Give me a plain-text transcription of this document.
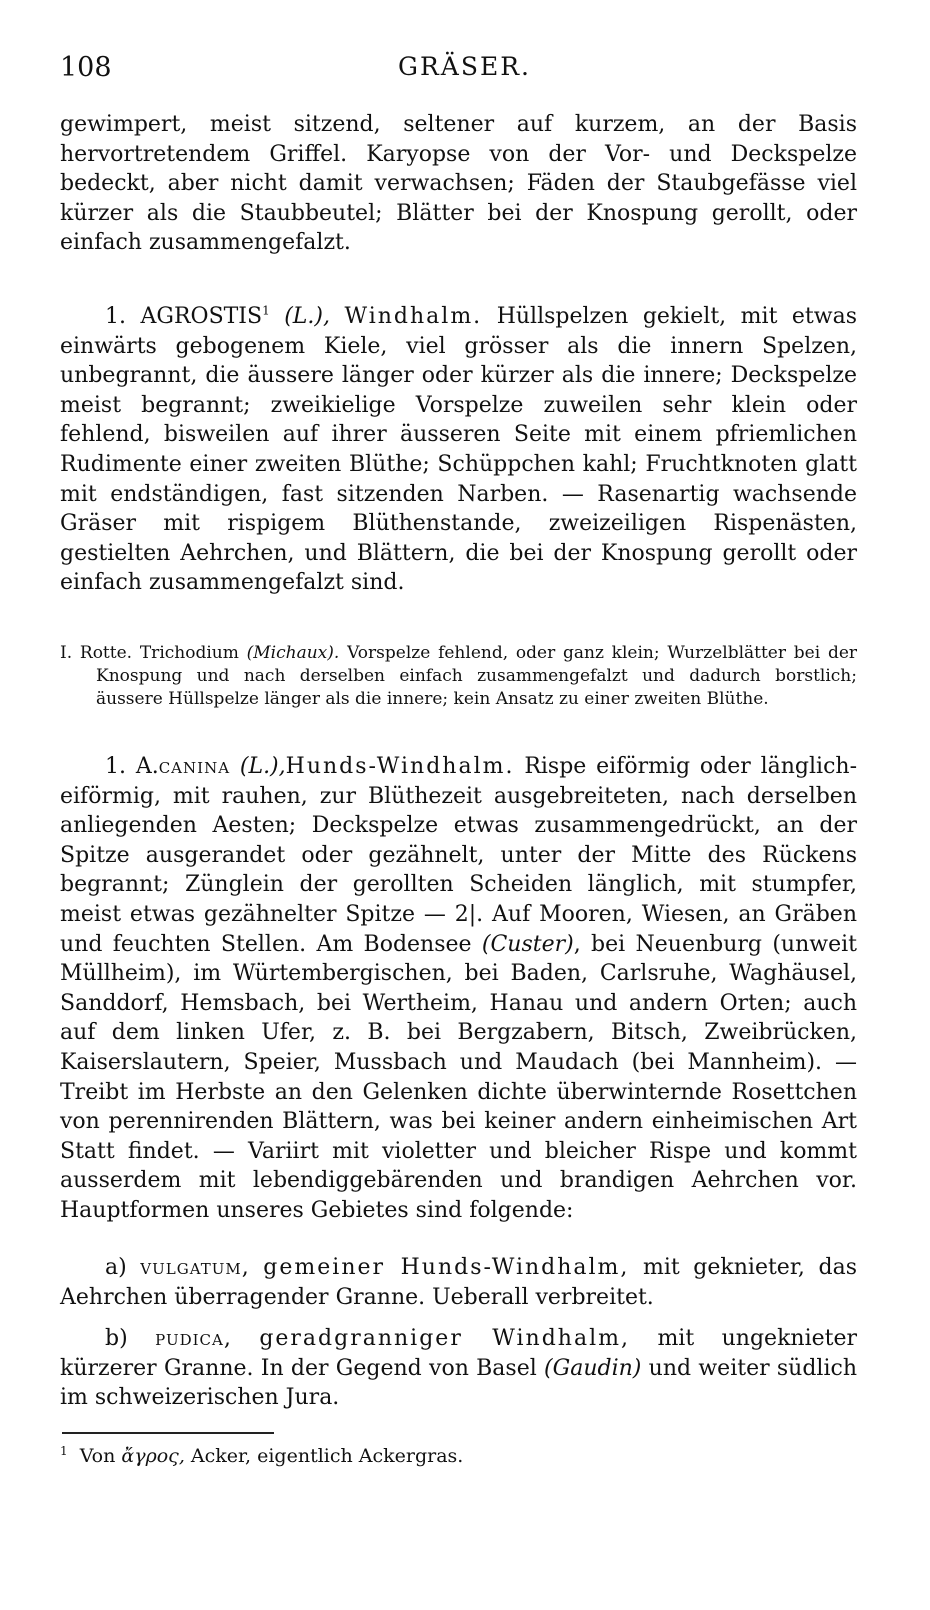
108	GRÄSER.

gewimpert, meist sitzend, seltener auf kurzem, an der Basis hervortretendem Griffel. Karyopse von der Vor- und Deckspelze bedeckt, aber nicht damit verwachsen; Fäden der Staubgefässe viel kürzer als die Staubbeutel; Blätter bei der Knospung gerollt, oder einfach zusammengefalzt.

1. AGROSTIS$^1$ (L.), Windhalm. Hüllspelzen gekielt, mit etwas einwärts gebogenem Kiele, viel grösser als die innern Spelzen, unbegrannt, die äussere länger oder kürzer als die innere; Deckspelze meist begrannt; zweikielige Vorspelze zuweilen sehr klein oder fehlend, bisweilen auf ihrer äusseren Seite mit einem pfriemlichen Rudimente einer zweiten Blüthe; Schüppchen kahl; Fruchtknoten glatt mit endständigen, fast sitzenden Narben. — Rasenartig wachsende Gräser mit rispigem Blüthenstande, zweizeiligen Rispenästen, gestielten Aehrchen, und Blättern, die bei der Knospung gerollt oder einfach zusammengefalzt sind.

I. Rotte. Trichodium (Michaux). Vorspelze fehlend, oder ganz klein; Wurzelblätter bei der Knospung und nach derselben einfach zusammengefalzt und dadurch borstlich; äussere Hüllspelze länger als die innere; kein Ansatz zu einer zweiten Blüthe.

1. A.canina (L.),Hunds-Windhalm. Rispe eiförmig oder länglich-eiförmig, mit rauhen, zur Blüthezeit ausgebreiteten, nach derselben anliegenden Aesten; Deckspelze etwas zusammengedrückt, an der Spitze ausgerandet oder gezähnelt, unter der Mitte des Rückens begrannt; Zünglein der gerollten Scheiden länglich, mit stumpfer, meist etwas gezähnelter Spitze — 2|. Auf Mooren, Wiesen, an Gräben und feuchten Stellen. Am Bodensee (Custer), bei Neuenburg (unweit Müllheim), im Würtembergischen, bei Baden, Carlsruhe, Waghäusel, Sanddorf, Hemsbach, bei Wertheim, Hanau und andern Orten; auch auf dem linken Ufer, z. B. bei Bergzabern, Bitsch, Zweibrücken, Kaiserslautern, Speier, Mussbach und Maudach (bei Mannheim). — Treibt im Herbste an den Gelenken dichte überwinternde Rosettchen von perennirenden Blättern, was bei keiner andern einheimischen Art Statt findet. — Variirt mit violetter und bleicher Rispe und kommt ausserdem mit lebendiggebärenden und brandigen Aehrchen vor. Hauptformen unseres Gebietes sind folgende:

a) vulgatum, gemeiner Hunds-Windhalm, mit geknieter, das Aehrchen überragender Granne. Ueberall verbreitet.

b) pudica, geradgranniger Windhalm, mit ungeknieter kürzerer Granne. In der Gegend von Basel (Gaudin) und weiter südlich im schweizerischen Jura.

$^1$ Von ἄγρος, Acker, eigentlich Ackergras.
